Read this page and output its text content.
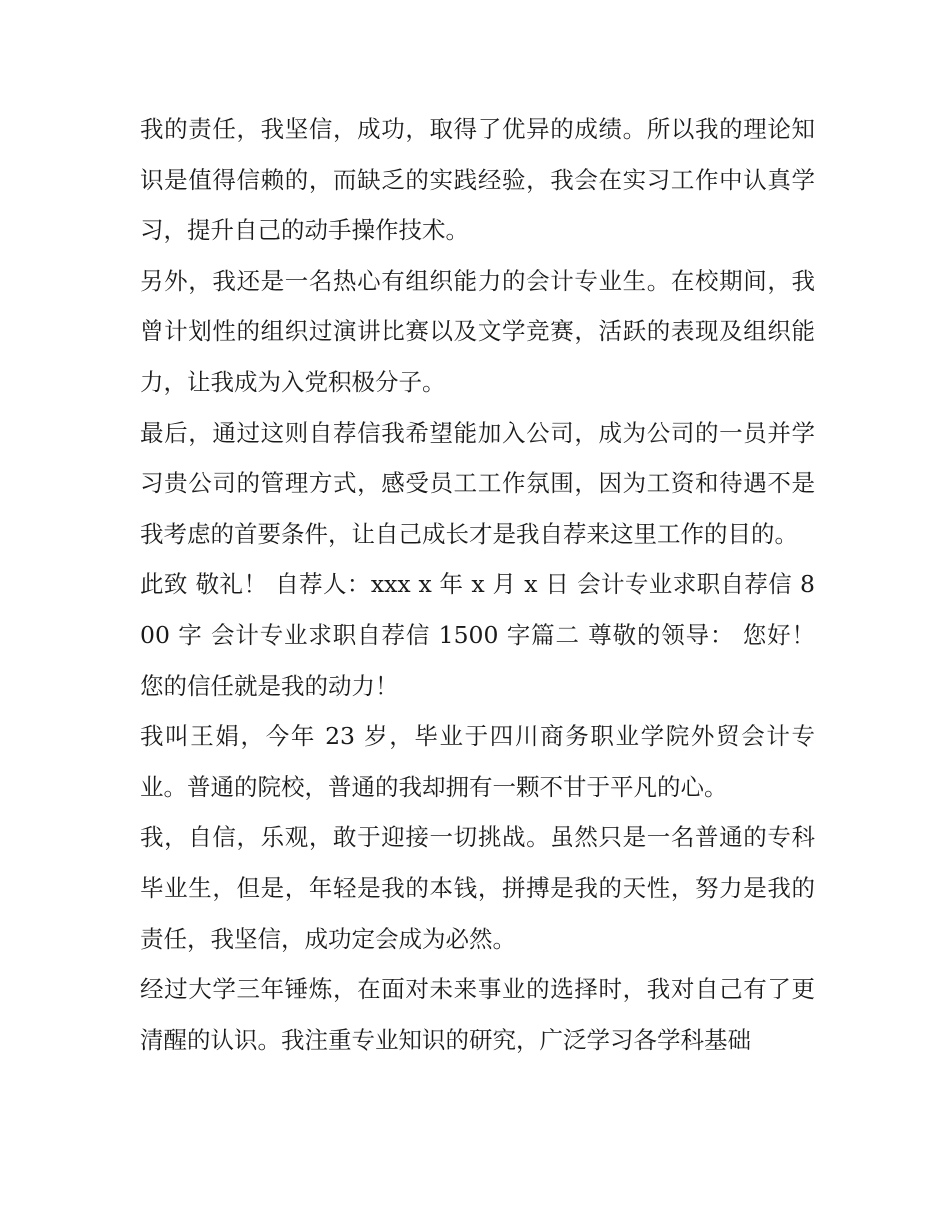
我的责任，我坚信，成功，取得了优异的成绩。所以我的理论知识是值得信赖的，而缺乏的实践经验，我会在实习工作中认真学习，提升自己的动手操作技术。

另外，我还是一名热心有组织能力的会计专业生。在校期间，我曾计划性的组织过演讲比赛以及文学竞赛，活跃的表现及组织能力，让我成为入党积极分子。

最后，通过这则自荐信我希望能加入公司，成为公司的一员并学习贵公司的管理方式，感受员工工作氛围，因为工资和待遇不是我考虑的首要条件，让自己成长才是我自荐来这里工作的目的。

此致 敬礼！ 自荐人：xxx x 年 x 月 x 日 会计专业求职自荐信 800 字 会计专业求职自荐信 1500 字篇二 尊敬的领导： 您好！ 您的信任就是我的动力！

我叫王娟，今年 23 岁，毕业于四川商务职业学院外贸会计专业。普通的院校，普通的我却拥有一颗不甘于平凡的心。

我，自信，乐观，敢于迎接一切挑战。虽然只是一名普通的专科毕业生，但是，年轻是我的本钱，拼搏是我的天性，努力是我的责任，我坚信，成功定会成为必然。

经过大学三年锤炼，在面对未来事业的选择时，我对自己有了更清醒的认识。我注重专业知识的研究，广泛学习各学科基础
